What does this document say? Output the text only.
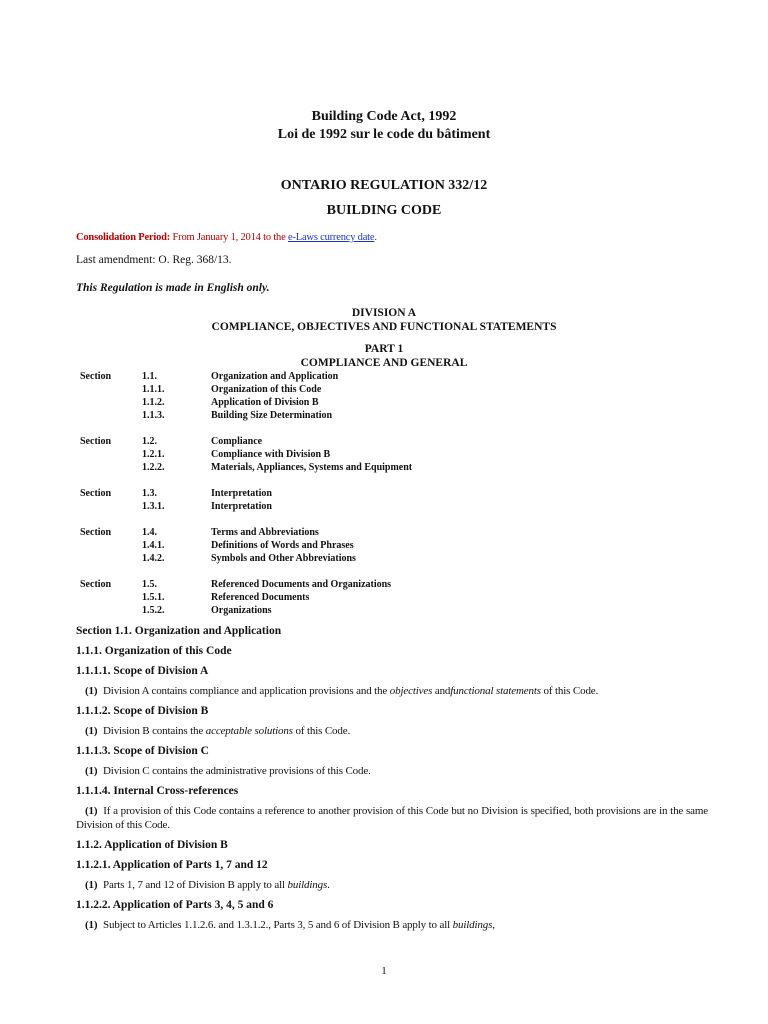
Building Code Act, 1992
Loi de 1992 sur le code du bâtiment
ONTARIO REGULATION 332/12
BUILDING CODE
Consolidation Period: From January 1, 2014 to the e-Laws currency date.
Last amendment: O. Reg. 368/13.
This Regulation is made in English only.
DIVISION A
COMPLIANCE, OBJECTIVES AND FUNCTIONAL STATEMENTS
PART 1
COMPLIANCE AND GENERAL
Section	1.1.	Organization and Application
1.1.1.	Organization of this Code
1.1.2.	Application of Division B
1.1.3.	Building Size Determination
Section	1.2.	Compliance
1.2.1.	Compliance with Division B
1.2.2.	Materials, Appliances, Systems and Equipment
Section	1.3.	Interpretation
1.3.1.	Interpretation
Section	1.4.	Terms and Abbreviations
1.4.1.	Definitions of Words and Phrases
1.4.2.	Symbols and Other Abbreviations
Section	1.5.	Referenced Documents and Organizations
1.5.1.	Referenced Documents
1.5.2.	Organizations
Section 1.1. Organization and Application
1.1.1. Organization of this Code
1.1.1.1. Scope of Division A

(1) Division A contains compliance and application provisions and the objectives andfunctional statements of this Code.

1.1.1.2. Scope of Division B

(1) Division B contains the acceptable solutions of this Code.

1.1.1.3. Scope of Division C

(1) Division C contains the administrative provisions of this Code.

1.1.1.4. Internal Cross-references

(1) If a provision of this Code contains a reference to another provision of this Code but no Division is specified, both provisions are in the same Division of this Code.

1.1.2. Application of Division B
1.1.2.1. Application of Parts 1, 7 and 12

(1) Parts 1, 7 and 12 of Division B apply to all buildings.

1.1.2.2. Application of Parts 3, 4, 5 and 6

(1) Subject to Articles 1.1.2.6. and 1.3.1.2., Parts 3, 5 and 6 of Division B apply to all buildings,

1
